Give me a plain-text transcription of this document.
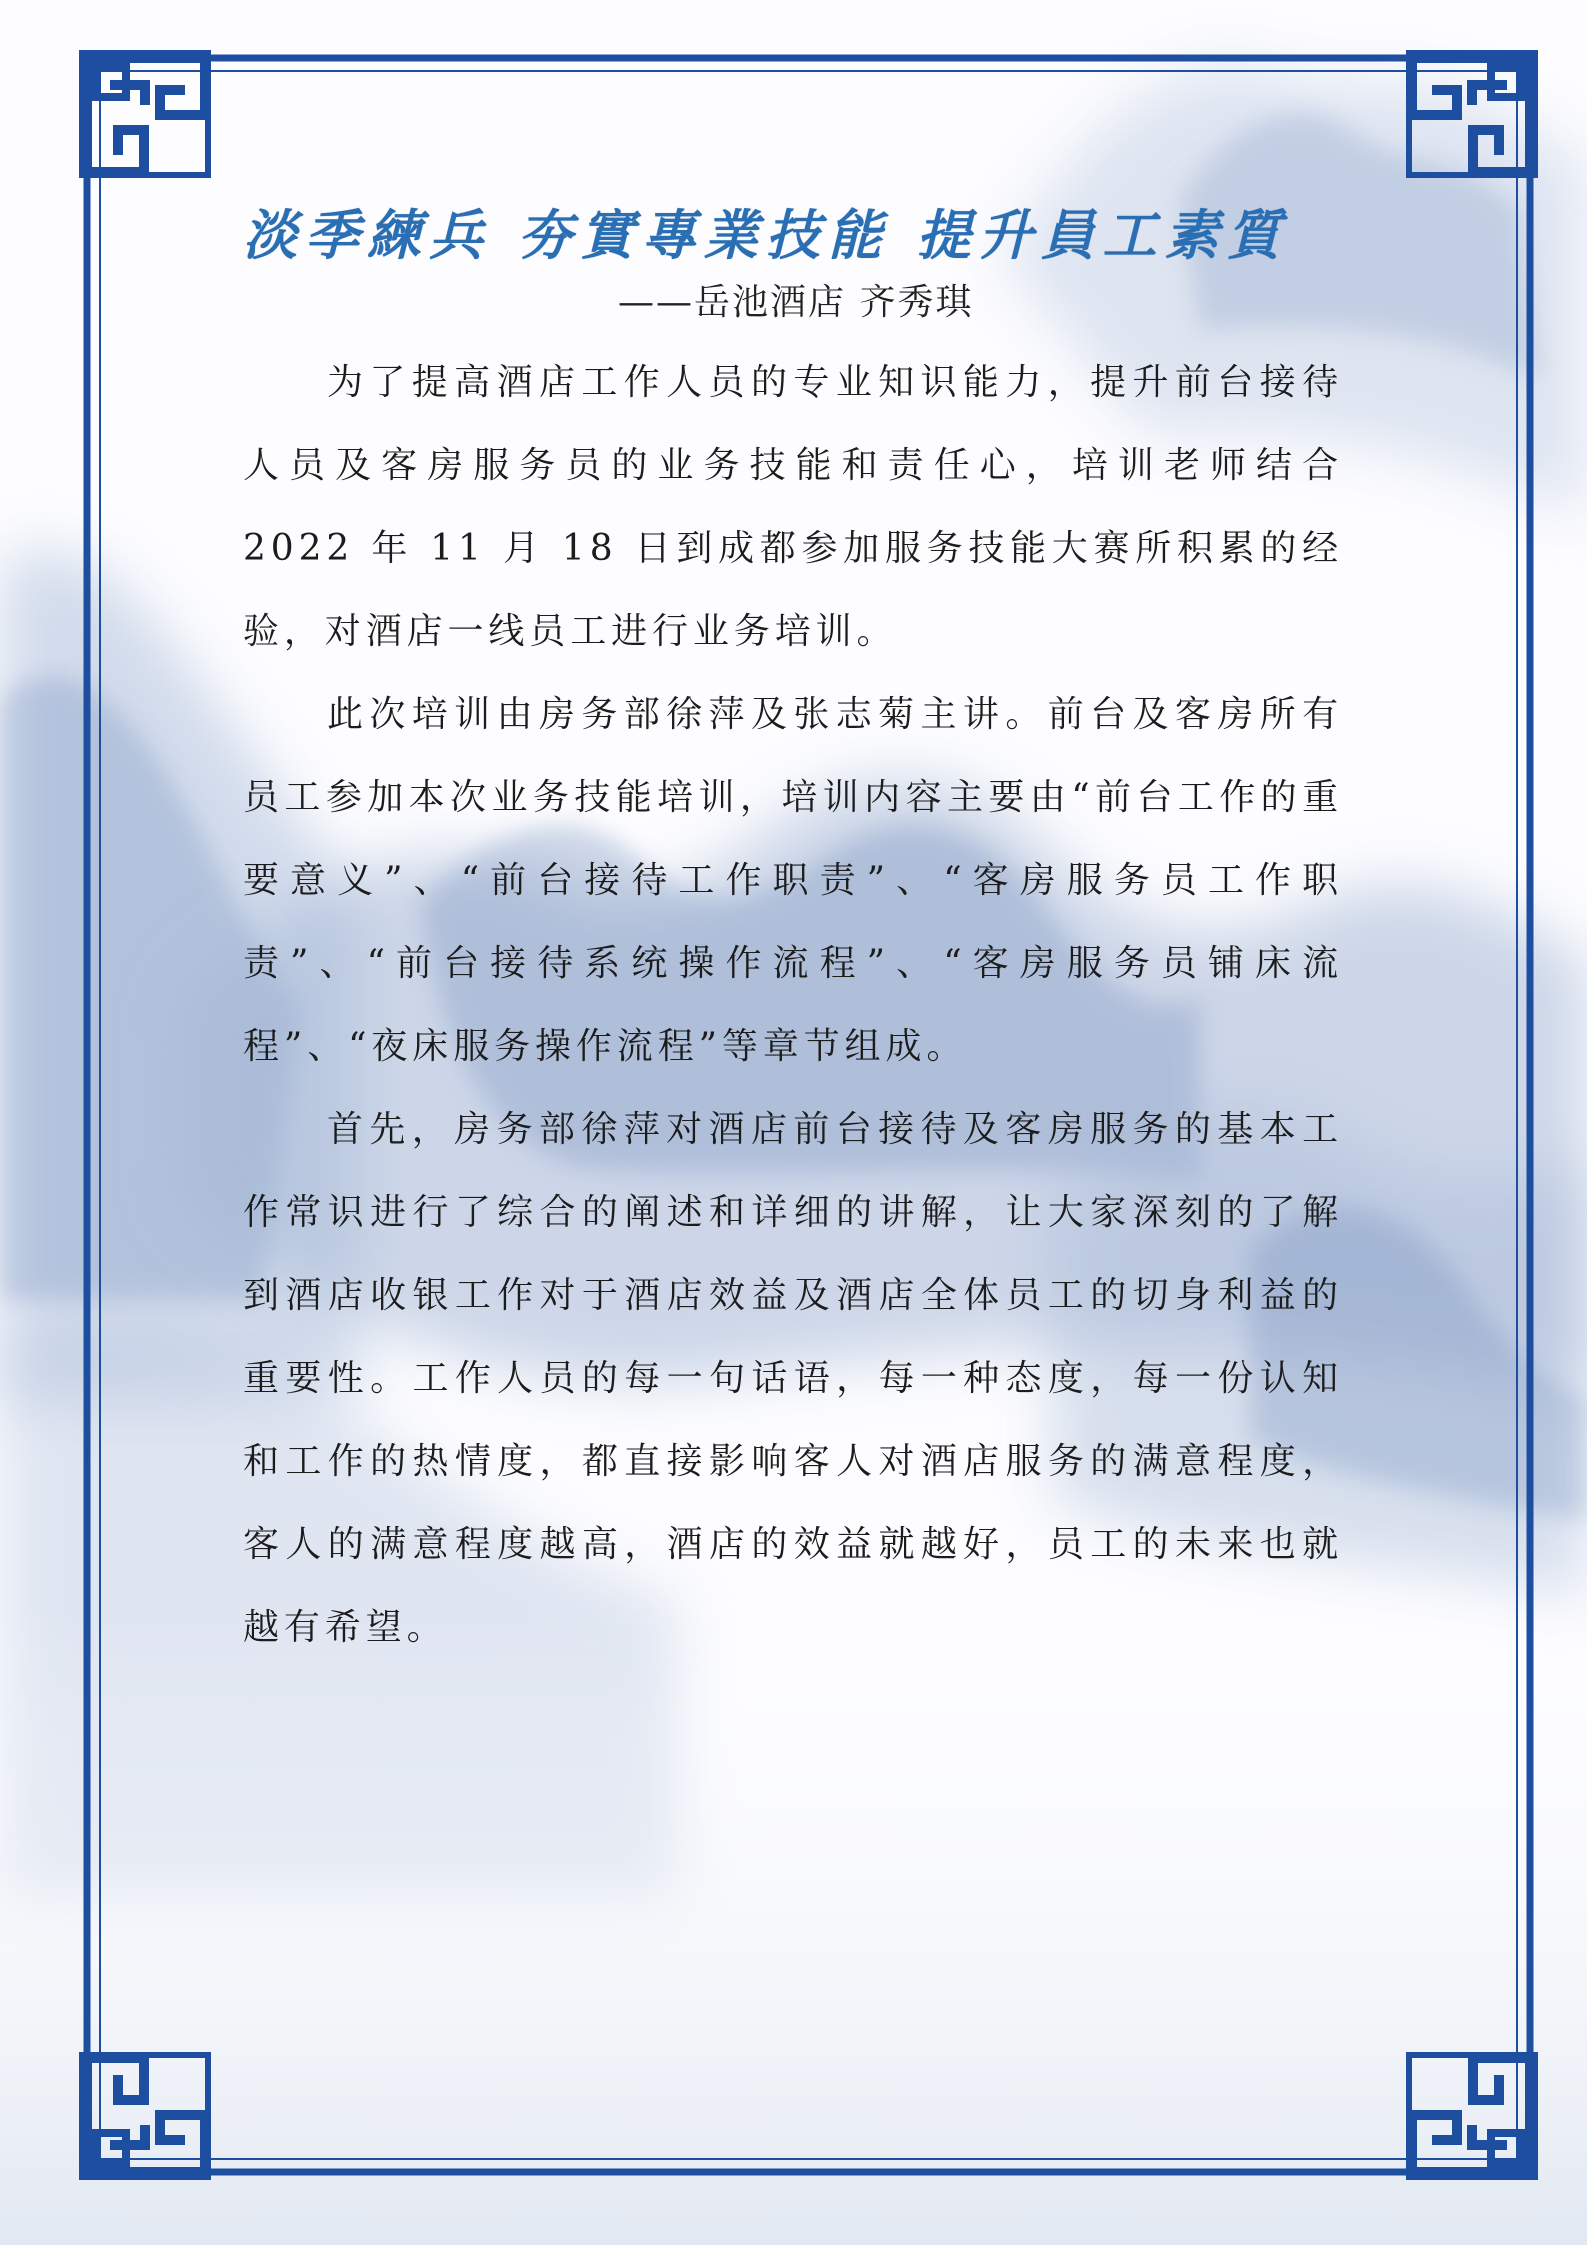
淡季練兵 夯實專業技能 提升員工素質

——岳池酒店 齐秀琪

为了提高酒店工作人员的专业知识能力，提升前台接待人员及客房服务员的业务技能和责任心，培训老师结合 2022 年 11 月 18 日到成都参加服务技能大赛所积累的经验，对酒店一线员工进行业务培训。

此次培训由房务部徐萍及张志菊主讲。前台及客房所有员工参加本次业务技能培训，培训内容主要由“前台工作的重要意义”、“前台接待工作职责”、“客房服务员工作职责”、“前台接待系统操作流程”、“客房服务员铺床流程”、“夜床服务操作流程”等章节组成。

首先，房务部徐萍对酒店前台接待及客房服务的基本工作常识进行了综合的阐述和详细的讲解，让大家深刻的了解到酒店收银工作对于酒店效益及酒店全体员工的切身利益的重要性。工作人员的每一句话语，每一种态度，每一份认知和工作的热情度，都直接影响客人对酒店服务的满意程度，客人的满意程度越高，酒店的效益就越好，员工的未来也就越有希望。
